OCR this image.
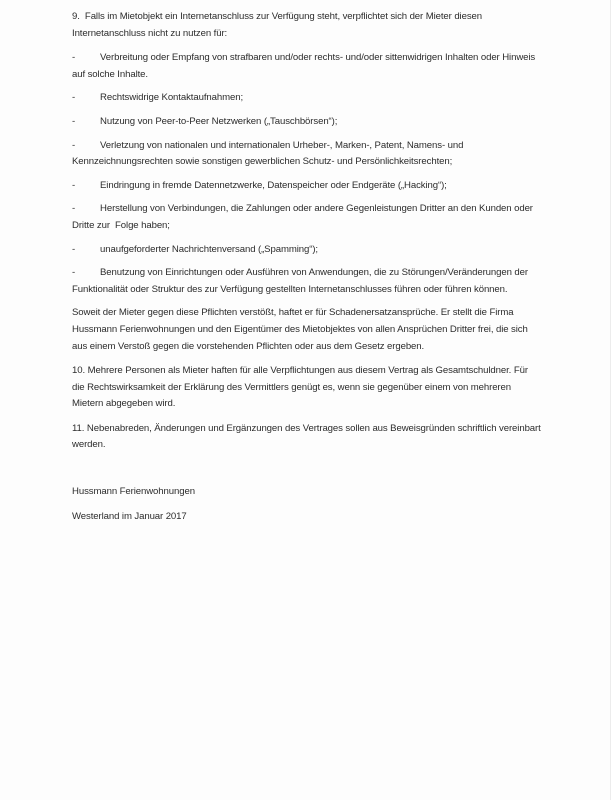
9.  Falls im Mietobjekt ein Internetanschluss zur Verfügung steht, verpflichtet sich der Mieter diesen Internetanschluss nicht zu nutzen für:

-	Verbreitung oder Empfang von strafbaren und/oder rechts- und/oder sittenwidrigen Inhalten oder Hinweis auf solche Inhalte.
-	Rechtswidrige Kontaktaufnahmen;
-	Nutzung von Peer-to-Peer Netzwerken („Tauschbörsen“);
-	Verletzung von nationalen und internationalen Urheber-, Marken-, Patent, Namens- und Kennzeichnungsrechten sowie sonstigen gewerblichen Schutz- und Persönlichkeitsrechten;
-	Eindringung in fremde Datennetzwerke, Datenspeicher oder Endgeräte („Hacking“);
-	Herstellung von Verbindungen, die Zahlungen oder andere Gegenleistungen Dritter an den Kunden oder Dritte zur  Folge haben;
-	unaufgeforderter Nachrichtenversand („Spamming“);
-	Benutzung von Einrichtungen oder Ausführen von Anwendungen, die zu Störungen/Veränderungen der Funktionalität oder Struktur des zur Verfügung gestellten Internetanschlusses führen oder führen können.

Soweit der Mieter gegen diese Pflichten verstößt, haftet er für Schadenersatzansprüche. Er stellt die Firma Hussmann Ferienwohnungen und den Eigentümer des Mietobjektes von allen Ansprüchen Dritter frei, die sich aus einem Verstoß gegen die vorstehenden Pflichten oder aus dem Gesetz ergeben.

10. Mehrere Personen als Mieter haften für alle Verpflichtungen aus diesem Vertrag als Gesamtschuldner. Für die Rechtswirksamkeit der Erklärung des Vermittlers genügt es, wenn sie gegenüber einem von mehreren Mietern abgegeben wird.

11. Nebenabreden, Änderungen und Ergänzungen des Vertrages sollen aus Beweisgründen schriftlich vereinbart werden.

Hussmann Ferienwohnungen

Westerland im Januar 2017
